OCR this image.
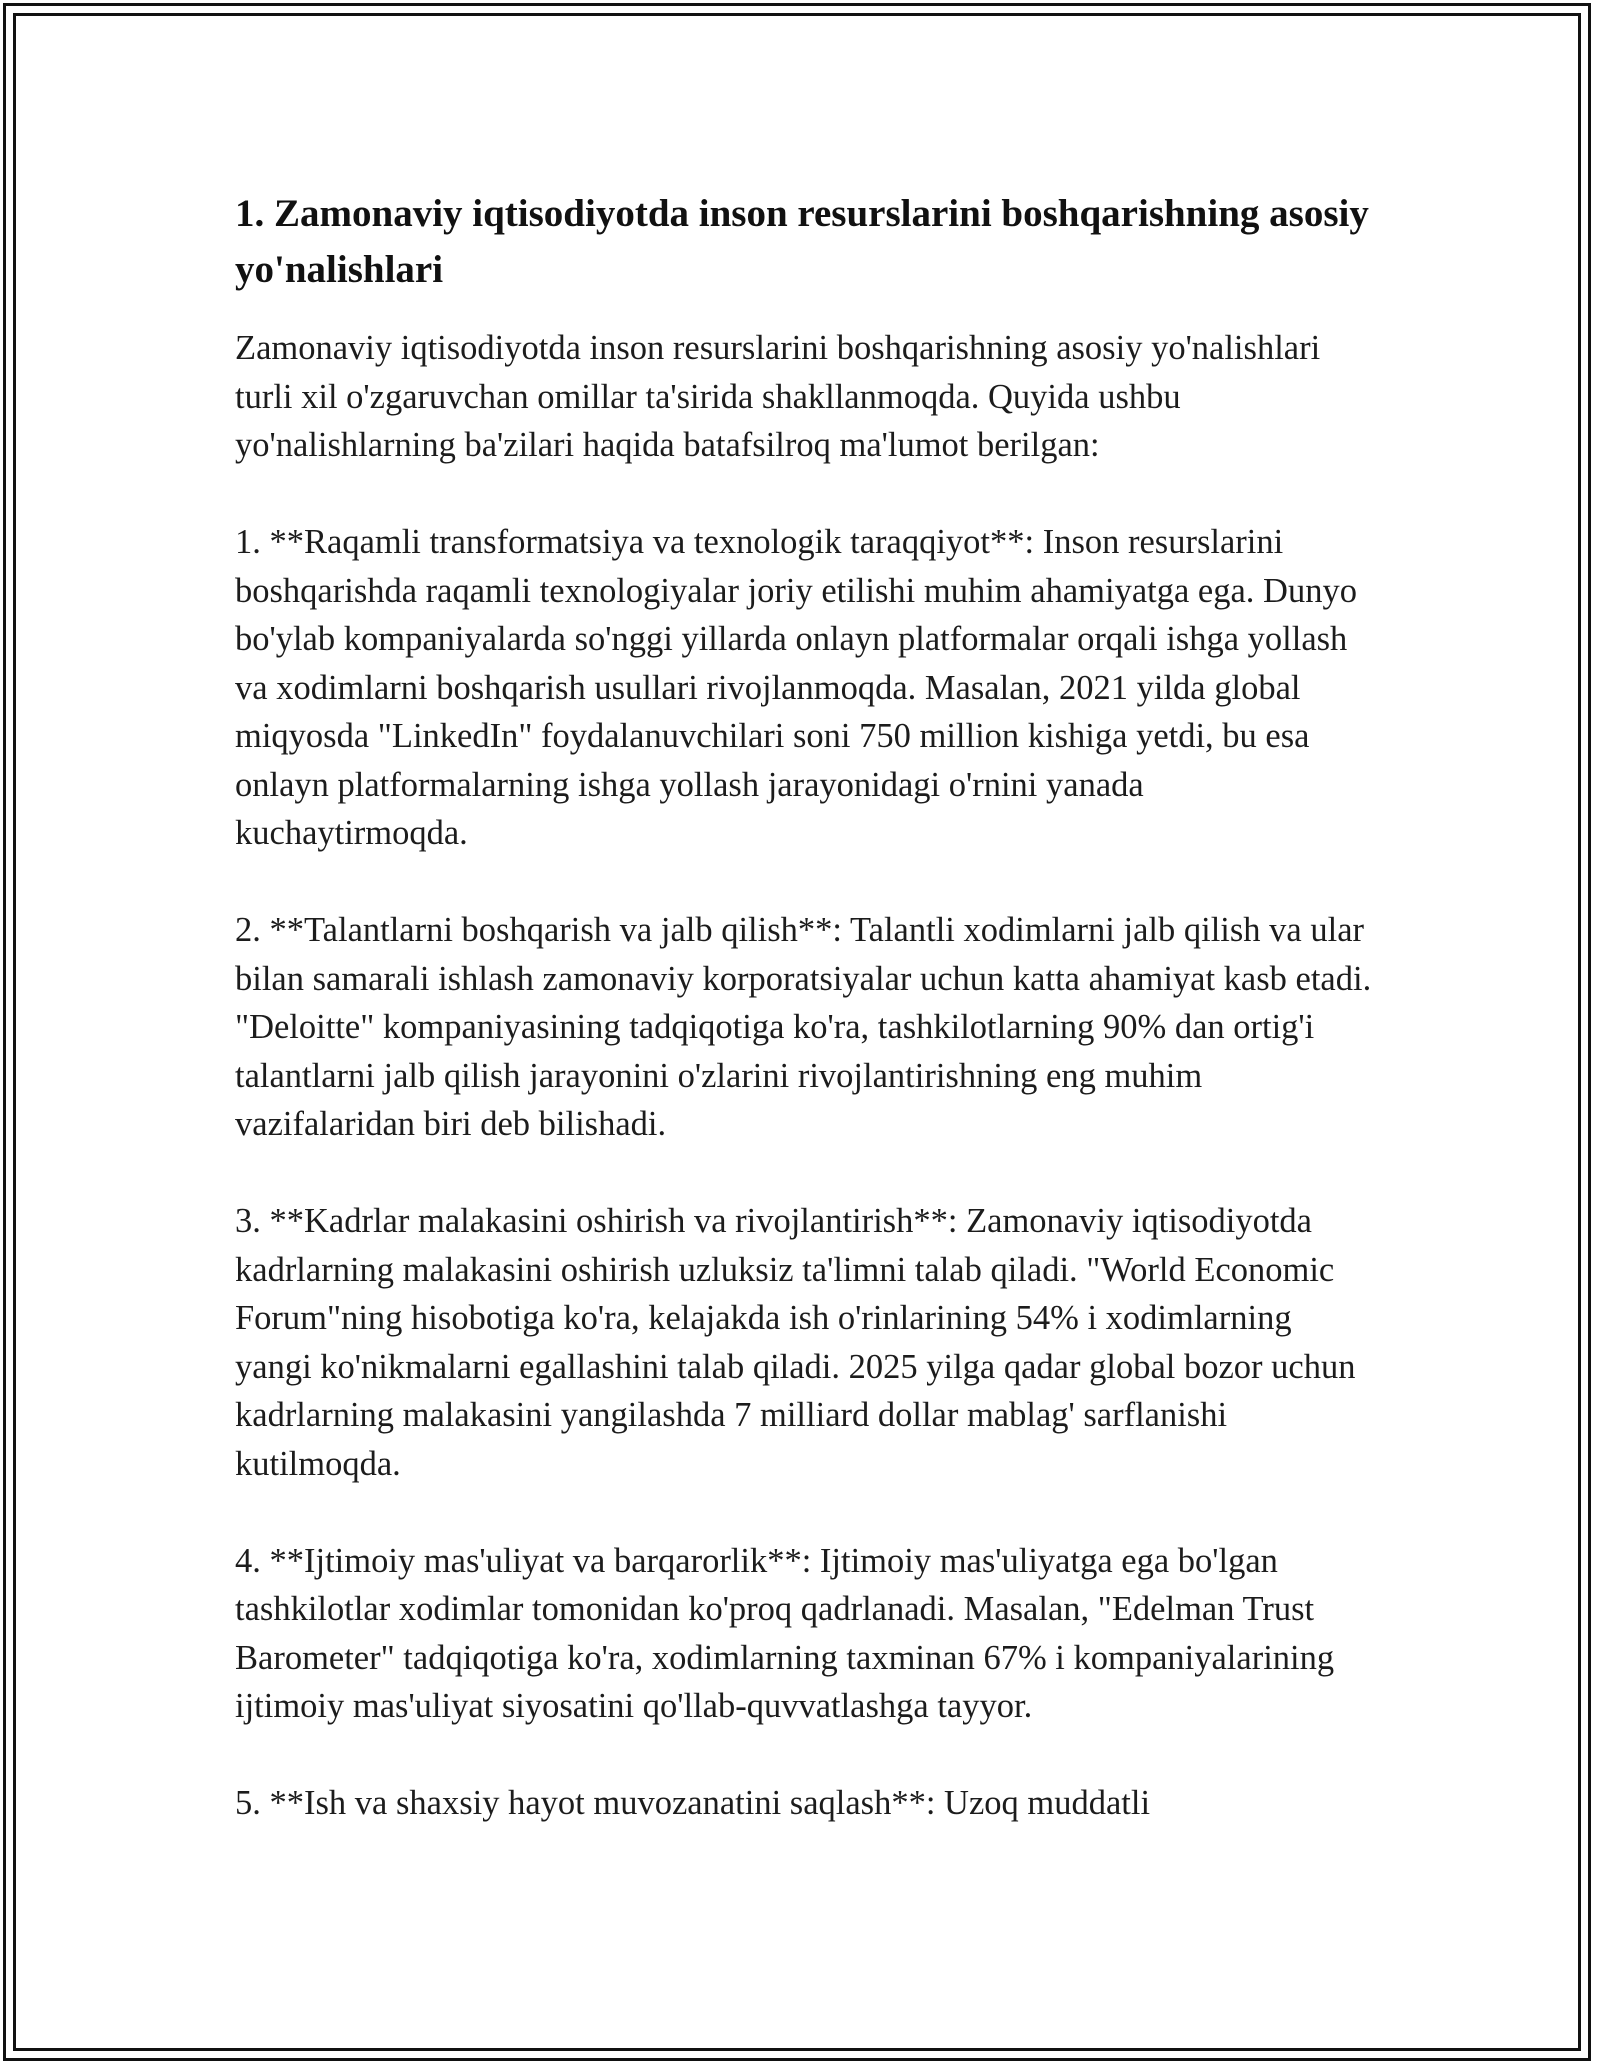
1. Zamonaviy iqtisodiyotda inson resurslarini boshqarishning asosiy yo'nalishlari

Zamonaviy iqtisodiyotda inson resurslarini boshqarishning asosiy yo'nalishlari turli xil o'zgaruvchan omillar ta'sirida shakllanmoqda. Quyida ushbu yo'nalishlarning ba'zilari haqida batafsilroq ma'lumot berilgan:

1. **Raqamli transformatsiya va texnologik taraqqiyot**: Inson resurslarini boshqarishda raqamli texnologiyalar joriy etilishi muhim ahamiyatga ega. Dunyo bo'ylab kompaniyalarda so'nggi yillarda onlayn platformalar orqali ishga yollash va xodimlarni boshqarish usullari rivojlanmoqda. Masalan, 2021 yilda global miqyosda "LinkedIn" foydalanuvchilari soni 750 million kishiga yetdi, bu esa onlayn platformalarning ishga yollash jarayonidagi o'rnini yanada kuchaytirmoqda.

2. **Talantlarni boshqarish va jalb qilish**: Talantli xodimlarni jalb qilish va ular bilan samarali ishlash zamonaviy korporatsiyalar uchun katta ahamiyat kasb etadi. "Deloitte" kompaniyasining tadqiqotiga ko'ra, tashkilotlarning 90% dan ortig'i talantlarni jalb qilish jarayonini o'zlarini rivojlantirishning eng muhim vazifalaridan biri deb bilishadi.

3. **Kadrlar malakasini oshirish va rivojlantirish**: Zamonaviy iqtisodiyotda kadrlarning malakasini oshirish uzluksiz ta'limni talab qiladi. "World Economic Forum"ning hisobotiga ko'ra, kelajakda ish o'rinlarining 54% i xodimlarning yangi ko'nikmalarni egallashini talab qiladi. 2025 yilga qadar global bozor uchun kadrlarning malakasini yangilashda 7 milliard dollar mablag' sarflanishi kutilmoqda.

4. **Ijtimoiy mas'uliyat va barqarorlik**: Ijtimoiy mas'uliyatga ega bo'lgan tashkilotlar xodimlar tomonidan ko'proq qadrlanadi. Masalan, "Edelman Trust Barometer" tadqiqotiga ko'ra, xodimlarning taxminan 67% i kompaniyalarining ijtimoiy mas'uliyat siyosatini qo'llab-quvvatlashga tayyor.

5. **Ish va shaxsiy hayot muvozanatini saqlash**: Uzoq muddatli
